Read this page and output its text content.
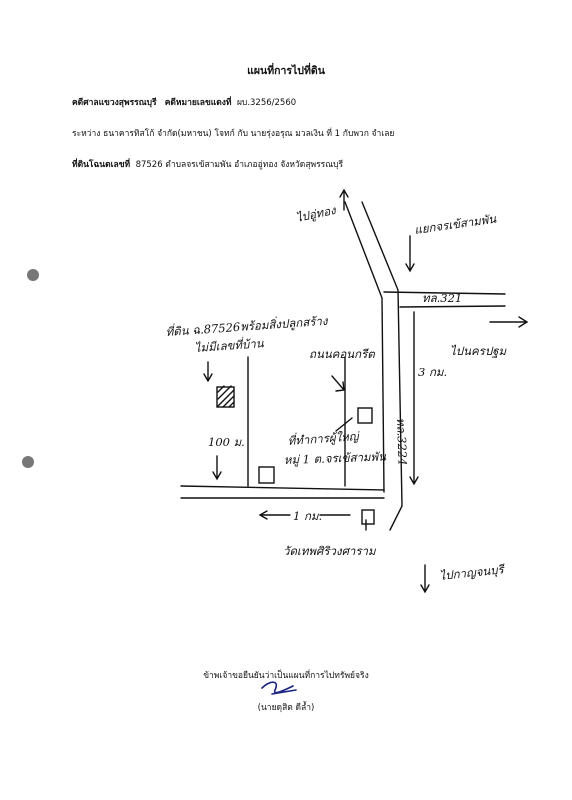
แผนที่การไปที่ดิน
คดีศาลแขวงสุพรรณบุรี คดีหมายเลขแดงที่ ผบ.3256/2560
ระหว่าง ธนาคารทิสโก้ จำกัด(มหาชน) โจทก์ กับ นายรุ่งอรุณ มวลเงิน ที่ 1 กับพวก จำเลย
ที่ดินโฉนดเลขที่ 87526 ตำบลจรเข้สามพัน อำเภออู่ทอง จังหวัดสุพรรณบุรี
ไปอู่ทอง	แยกจรเข้สามพัน
ทล.321
ไปนครปฐม
3 กม.
ทล.3224
ที่ดิน ฉ.87526พร้อมสิ่งปลูกสร้าง
ไม่มีเลขที่บ้าน	ถนนคอนกรีต
100 ม.	ที่ทำการผู้ใหญ่
หมู่ 1 ต.จรเข้สามพัน
1 กม.
วัดเทพศิริวงศาราม
ไปกาญจนบุรี
ข้าพเจ้าขอยืนยันว่าเป็นแผนที่การไปทรัพย์จริง
(นายดุสิต ดีล้ำ)
